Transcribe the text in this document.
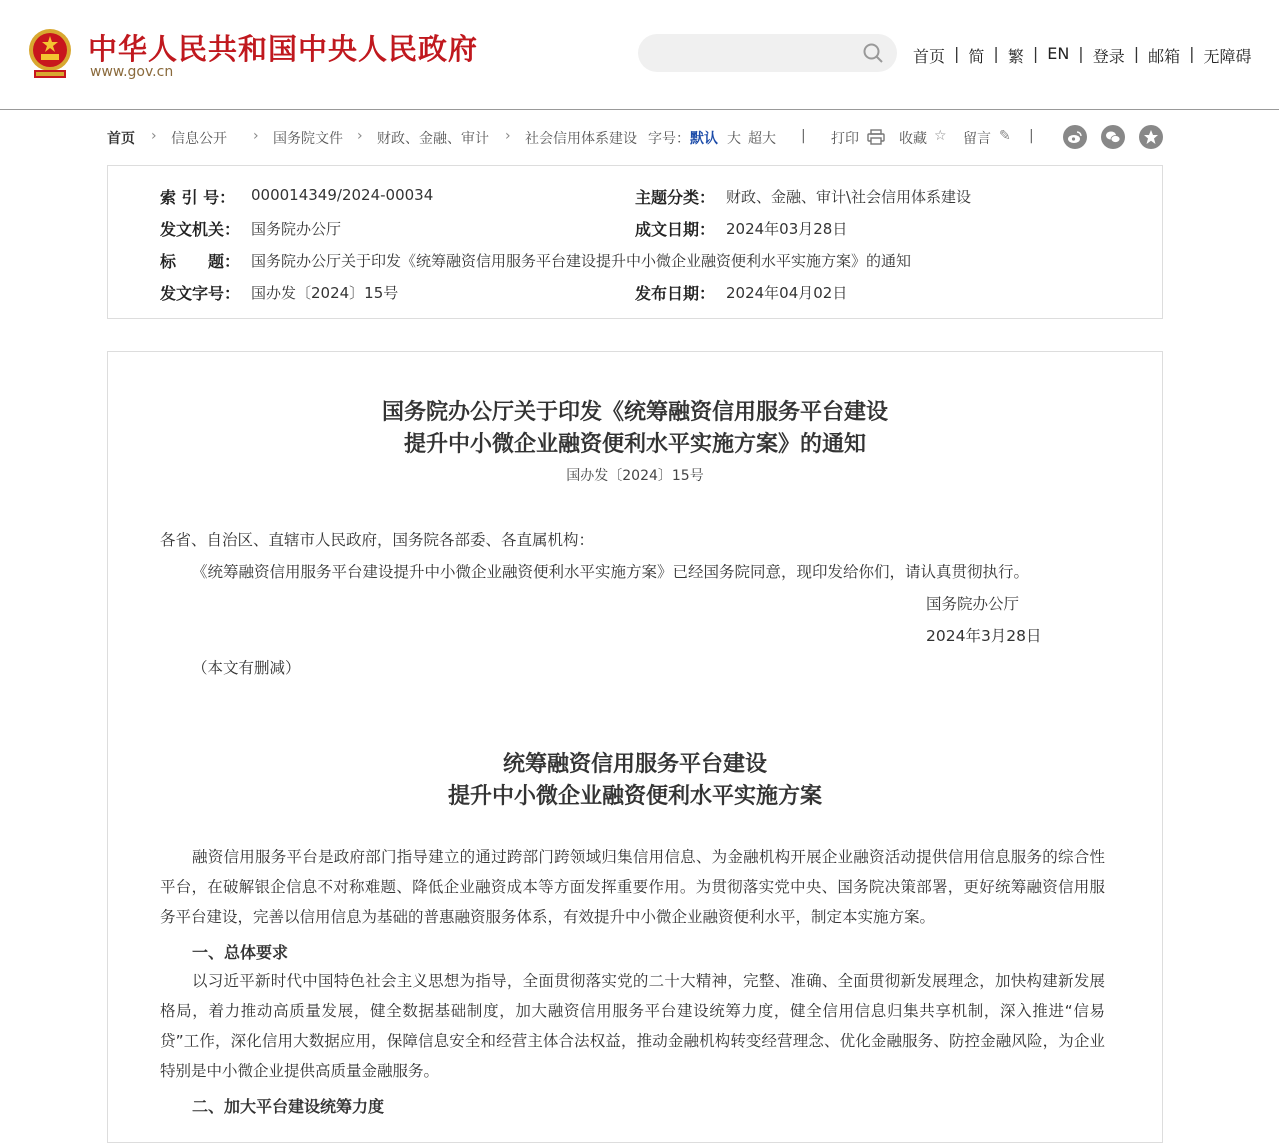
中华人民共和国中央人民政府
www.gov.cn
首页 | 简 | 繁 | EN | 登录 | 邮箱 | 无障碍
首页 › 信息公开 › 国务院文件 › 财政、金融、审计 › 社会信用体系建设 字号： 默认 大 超大 | 打印	收藏 ☆ 留言 ✎ |
索 引 号： 000014349/2024-00034	主题分类： 财政、金融、审计\社会信用体系建设
发文机关： 国务院办公厅	成文日期： 2024年03月28日
标　　题： 国务院办公厅关于印发《统筹融资信用服务平台建设提升中小微企业融资便利水平实施方案》的通知
发文字号： 国办发〔2024〕15号	发布日期： 2024年04月02日
国务院办公厅关于印发《统筹融资信用服务平台建设
提升中小微企业融资便利水平实施方案》的通知
国办发〔2024〕15号
各省、自治区、直辖市人民政府，国务院各部委、各直属机构：
《统筹融资信用服务平台建设提升中小微企业融资便利水平实施方案》已经国务院同意，现印发给你们，请认真贯彻执行。
国务院办公厅
2024年3月28日
（本文有删减）
统筹融资信用服务平台建设
提升中小微企业融资便利水平实施方案
融资信用服务平台是政府部门指导建立的通过跨部门跨领域归集信用信息、为金融机构开展企业融资活动提供信用信息服务的综合性平台，在破解银企信息不对称难题、降低企业融资成本等方面发挥重要作用。为贯彻落实党中央、国务院决策部署，更好统筹融资信用服务平台建设，完善以信用信息为基础的普惠融资服务体系，有效提升中小微企业融资便利水平，制定本实施方案。
一、总体要求
以习近平新时代中国特色社会主义思想为指导，全面贯彻落实党的二十大精神，完整、准确、全面贯彻新发展理念，加快构建新发展格局，着力推动高质量发展，健全数据基础制度，加大融资信用服务平台建设统筹力度，健全信用信息归集共享机制，深入推进“信易贷”工作，深化信用大数据应用，保障信息安全和经营主体合法权益，推动金融机构转变经营理念、优化金融服务、防控金融风险，为企业特别是中小微企业提供高质量金融服务。
二、加大平台建设统筹力度
